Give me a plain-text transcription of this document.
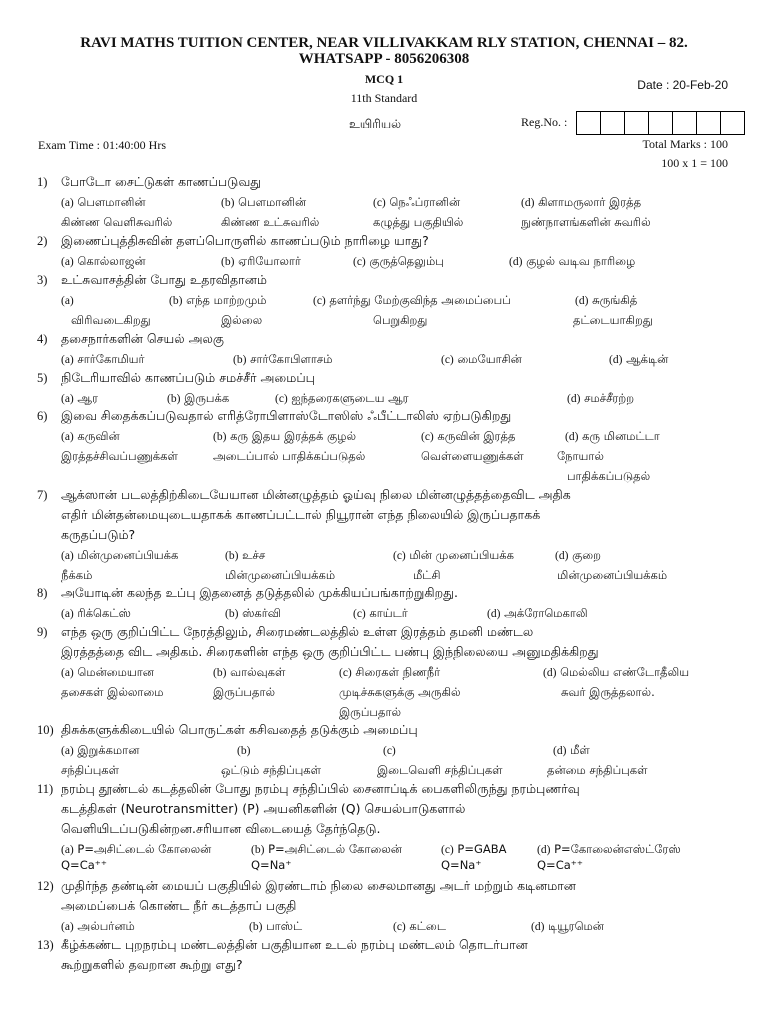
RAVI MATHS TUITION CENTER, NEAR VILLIVAKKAM RLY STATION, CHENNAI – 82.
WHATSAPP - 8056206308
MCQ 1	Date : 20-Feb-20
11th Standard
உயிரியல்	Reg.No. :
Exam Time : 01:40:00 Hrs	Total Marks : 100
100 x 1 = 100
1)	போடோ சைட்டுகள் காணப்படுவது
(a) பௌமானின்
கிண்ண வெளிசுவரில்
(b) பௌமானின்
கிண்ண உட்சுவரில்
(c) நெஃப்ரானின்
கழுத்து பகுதியில்
(d) கிளாமருலார் இரத்த
நுண்நாளங்களின் சுவரில்
2)	இணைப்புத்திசுவின் தளப்பொருளில் காணப்படும் நாரிழை யாது?
(a) கொல்லாஜன்	(b) ஏரியோலார்	(c) குருத்தெலும்பு	(d) குழல் வடிவ நாரிழை
3)	உட்சுவாசத்தின் போது உதரவிதானம்
(a)
விரிவடைகிறது
(b) எந்த மாற்றமும்
இல்லை
(c) தளர்ந்து மேற்குவிந்த அமைப்பைப்
பெறுகிறது
(d) சுருங்கித்
தட்டையாகிறது
4)	தசைநார்களின் செயல் அலகு
(a) சார்கோமியர்	(b) சார்கோபிளாசம்	(c) மையோசின்	(d) ஆக்டின்
5)	நிடேரியாவில் காணப்படும் சமச்சீர் அமைப்பு
(a) ஆர	(b) இருபக்க	(c) ஐந்தரைகளுடைய ஆர	(d) சமச்சீரற்ற
6)	இவை சிதைக்கப்படுவதால் எரித்ரோபிளாஸ்டோஸிஸ் ஃபீட்டாலிஸ் ஏற்படுகிறது
(a) கருவின்
இரத்தச்சிவப்பணுக்கள்
(b) கரு இதய இரத்தக் குழல்
அடைப்பால் பாதிக்கப்படுதல்
(c) கருவின் இரத்த
வெள்ளையணுக்கள்
(d) கரு மினமட்டா
நோயால்
பாதிக்கப்படுதல்
7)	ஆக்ஸான் படலத்திற்கிடையேயான மின்னழுத்தம் ஓய்வு நிலை மின்னழுத்தத்தைவிட அதிக
எதிர் மின்தன்மையுடையதாகக் காணப்பட்டால் நியூரான் எந்த நிலையில் இருப்பதாகக்
கருதப்படும்?
(a) மின்முனைப்பியக்க
நீக்கம்
(b) உச்ச
மின்முனைப்பியக்கம்
(c) மின் முனைப்பியக்க
மீட்சி
(d) குறை
மின்முனைப்பியக்கம்
8)	அயோடின் கலந்த உப்பு இதனைத் தடுத்தலில் முக்கியப்பங்காற்றுகிறது.
(a) ரிக்கெட்ஸ்	(b) ஸ்கர்வி	(c) காய்டர்	(d) அக்ரோமெகாலி
9)	எந்த ஒரு குறிப்பிட்ட நேரத்திலும், சிரைமண்டலத்தில் உள்ள இரத்தம் தமனி மண்டல
இரத்தத்தை விட அதிகம். சிரைகளின் எந்த ஒரு குறிப்பிட்ட பண்பு இந்நிலையை அனுமதிக்கிறது
(a) மென்மையான
தசைகள் இல்லாமை
(b) வால்வுகள்
இருப்பதால்
(c) சிரைகள் நிணநீர்
முடிச்சுகளுக்கு அருகில்
இருப்பதால்
(d) மெல்லிய எண்டோதீலிய
சுவர் இருத்தலால்.
10) திசுக்களுக்கிடையில் பொருட்கள் கசிவதைத் தடுக்கும் அமைப்பு
(a) இறுக்கமான
சந்திப்புகள்
(b)
ஒட்டும் சந்திப்புகள்
(c)
இடைவெளி சந்திப்புகள்
(d) மீள்
தன்மை சந்திப்புகள்
11) நரம்பு தூண்டல் கடத்தலின் போது நரம்பு சந்திப்பில் சைனாப்டிக் பைகளிலிருந்து நரம்புணர்வு
கடத்திகள் (Neurotransmitter) (P) அயனிகளின் (Q) செயல்பாடுகளால்
வெளியிடப்படுகின்றன.சரியான விடையைத் தேர்ந்தெடு.
(a) P=அசிட்டைல் கோலைன்
Q=Ca⁺⁺
(b) P=அசிட்டைல் கோலைன்
Q=Na⁺
(c) P=GABA
Q=Na⁺
(d) P=கோலைன்எஸ்ட்ரேஸ்
Q=Ca⁺⁺
12) முதிர்ந்த தண்டின் மையப் பகுதியில் இரண்டாம் நிலை சைலமானது அடர் மற்றும் கடினமான
அமைப்பைக் கொண்ட நீர் கடத்தாப் பகுதி
(a) அல்பர்னம்	(b) பாஸ்ட்	(c) கட்டை	(d) டியூரமென்
13) கீழ்க்கண்ட புறநரம்பு மண்டலத்தின் பகுதியான உடல் நரம்பு மண்டலம் தொடர்பான
கூற்றுகளில் தவறான கூற்று எது?
